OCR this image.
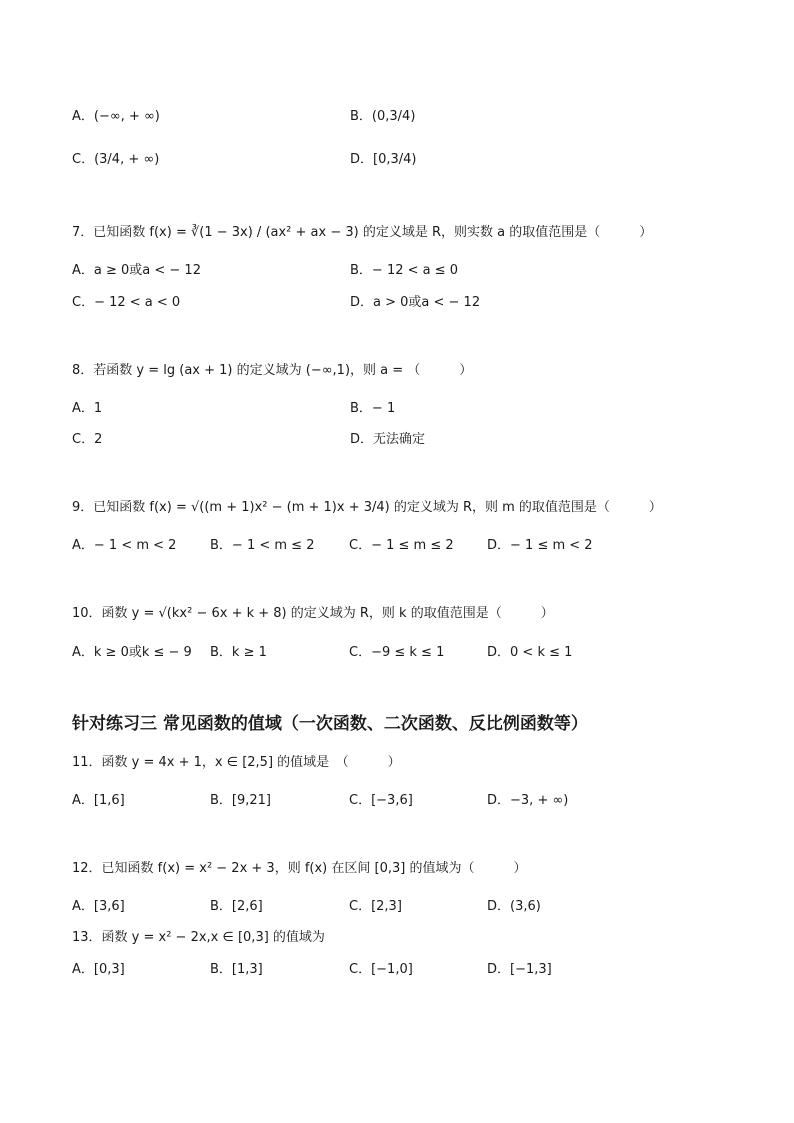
A．(−∞, + ∞)	B．(0,3/4)
C．(3/4, + ∞)	D．[0,3/4)
7．已知函数 f(x) = ∛(1 − 3x) / (ax² + ax − 3) 的定义域是 R，则实数 a 的取值范围是（　　　）
A．a ≥ 0或a < − 12	B．− 12 < a ≤ 0
C．− 12 < a < 0	D．a > 0或a < − 12
8．若函数 y = lg (ax + 1) 的定义域为 (−∞,1)，则 a = （　　　）
A．1	B．− 1
C．2	D．无法确定
9．已知函数 f(x) = √((m + 1)x² − (m + 1)x + 3/4) 的定义域为 R，则 m 的取值范围是（　　　）
A．− 1 < m < 2	B．− 1 < m ≤ 2	C．− 1 ≤ m ≤ 2	D．− 1 ≤ m < 2
10．函数 y = √(kx² − 6x + k + 8) 的定义域为 R，则 k 的取值范围是（　　　）
A．k ≥ 0或k ≤ − 9 B．k ≥ 1	C．−9 ≤ k ≤ 1	D．0 < k ≤ 1
针对练习三 常见函数的值域（一次函数、二次函数、反比例函数等）
11．函数 y = 4x + 1，x ∈ [2,5] 的值域是　（　　　）
A．[1,6]	B．[9,21]	C．[−3,6]	D．−3, + ∞)
12．已知函数 f(x) = x² − 2x + 3，则 f(x) 在区间 [0,3] 的值域为（　　　）
A．[3,6]	B．[2,6]	C．[2,3]	D．(3,6)
13．函数 y = x² − 2x,x ∈ [0,3] 的值域为
A．[0,3]	B．[1,3]	C．[−1,0]	D．[−1,3]
